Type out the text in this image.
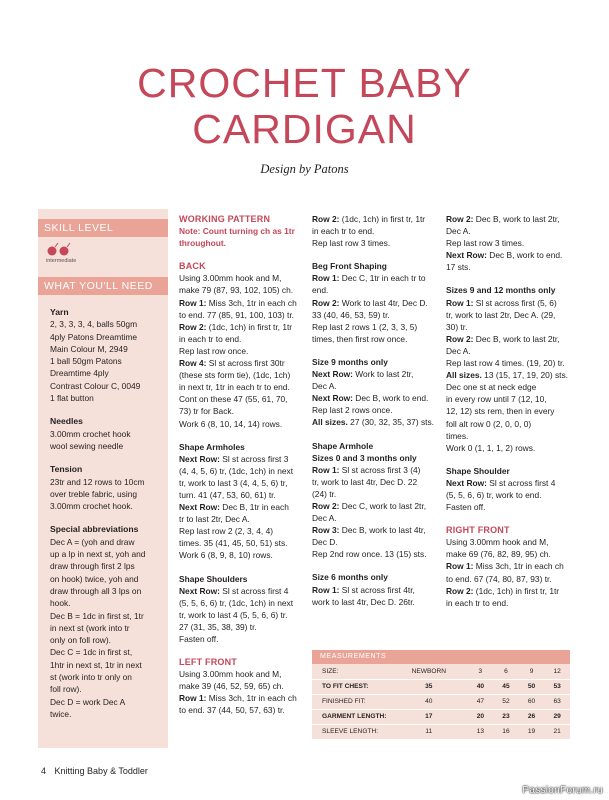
CROCHET BABY
CARDIGAN
Design by Patons
SKILL LEVEL
intermediate
WHAT YOU'LL NEED
Yarn

2, 3, 3, 3, 4, balls 50gm

4ply Patons Dreamtime

Main Colour M, 2949

1 ball 50gm Patons

Dreamtime 4ply

Contrast Colour C, 0049

1 flat button

Needles

3.00mm crochet hook

wool sewing needle

Tension

23tr and 12 rows to 10cm

over treble fabric, using

3.00mm crochet hook.

Special abbreviations

Dec A = (yoh and draw

up a lp in next st, yoh and

draw through first 2 lps

on hook) twice, yoh and

draw through all 3 lps on

hook.

Dec B = 1dc in first st, 1tr

in next st (work into tr

only on foll row).

Dec C = 1dc in first st,

1htr in next st, 1tr in next

st (work into tr only on

foll row).

Dec D = work Dec A

twice.

WORKING PATTERN

Note: Count turning ch as 1tr

throughout.

BACK

Using 3.00mm hook and M,

make 79 (87, 93, 102, 105) ch.

Row 1: Miss 3ch, 1tr in each ch

to end. 77 (85, 91, 100, 103) tr.

Row 2: (1dc, 1ch) in first tr, 1tr

in each tr to end.

Rep last row once.

Row 4: Sl st across first 30tr

(these sts form tie), (1dc, 1ch)

in next tr, 1tr in each tr to end.

Cont on these 47 (55, 61, 70,

73) tr for Back.

Work 6 (8, 10, 14, 14) rows.

Shape Armholes

Next Row: Sl st across first 3

(4, 4, 5, 6) tr, (1dc, 1ch) in next

tr, work to last 3 (4, 4, 5, 6) tr,

turn. 41 (47, 53, 60, 61) tr.

Next Row: Dec B, 1tr in each

tr to last 2tr, Dec A.

Rep last row 2 (2, 3, 4, 4)

times. 35 (41, 45, 50, 51) sts.

Work 6 (8, 9, 8, 10) rows.

Shape Shoulders

Next Row: Sl st across first 4

(5, 5, 6, 6) tr, (1dc, 1ch) in next

tr, work to last 4 (5, 5, 6, 6) tr.

27 (31, 35, 38, 39) tr.

Fasten off.

LEFT FRONT

Using 3.00mm hook and M,

make 39 (46, 52, 59, 65) ch.

Row 1: Miss 3ch, 1tr in each ch

to end. 37 (44, 50, 57, 63) tr.

Row 2: (1dc, 1ch) in first tr, 1tr

in each tr to end.

Rep last row 3 times.

Beg Front Shaping

Row 1: Dec C, 1tr in each tr to

end.

Row 2: Work to last 4tr, Dec D.

33 (40, 46, 53, 59) tr.

Rep last 2 rows 1 (2, 3, 3, 5)

times, then first row once.

Size 9 months only

Next Row: Work to last 2tr,

Dec A.

Next Row: Dec B, work to end.

Rep last 2 rows once.

All sizes. 27 (30, 32, 35, 37) sts.

Shape Armhole

Sizes 0 and 3 months only

Row 1: Sl st across first 3 (4)

tr, work to last 4tr, Dec D. 22

(24) tr.

Row 2: Dec C, work to last 2tr,

Dec A.

Row 3: Dec B, work to last 4tr,

Dec D.

Rep 2nd row once. 13 (15) sts.

Size 6 months only

Row 1: Sl st across first 4tr,

work to last 4tr, Dec D. 26tr.

Row 2: Dec B, work to last 2tr,

Dec A.

Rep last row 3 times.

Next Row: Dec B, work to end.

17 sts.

Sizes 9 and 12 months only

Row 1: Sl st across first (5, 6)

tr, work to last 2tr, Dec A. (29,

30) tr.

Row 2: Dec B, work to last 2tr,

Dec A.

Rep last row 4 times. (19, 20) tr.

All sizes. 13 (15, 17, 19, 20) sts.

Dec one st at neck edge

in every row until 7 (12, 10,

12, 12) sts rem, then in every

foll alt row 0 (2, 0, 0, 0)

times.

Work 0 (1, 1, 1, 2) rows.

Shape Shoulder

Next Row: Sl st across first 4

(5, 5, 6, 6) tr, work to end.

Fasten off.

RIGHT FRONT

Using 3.00mm hook and M,

make 69 (76, 82, 89, 95) ch.

Row 1: Miss 3ch, 1tr in each ch

to end. 67 (74, 80, 87, 93) tr.

Row 2: (1dc, 1ch) in first tr, 1tr

in each tr to end.

MEASUREMENTS
SIZE:	NEWBORN	3	6	9	12
TO FIT CHEST:	35	40	45	50	53
FINISHED FIT:	40	47	52	60	63
GARMENT LENGTH:	17	20	23	26	29
SLEEVE LENGTH:	11	13	16	19	21
4 Knitting Baby & Toddler
PassionForum.ru
